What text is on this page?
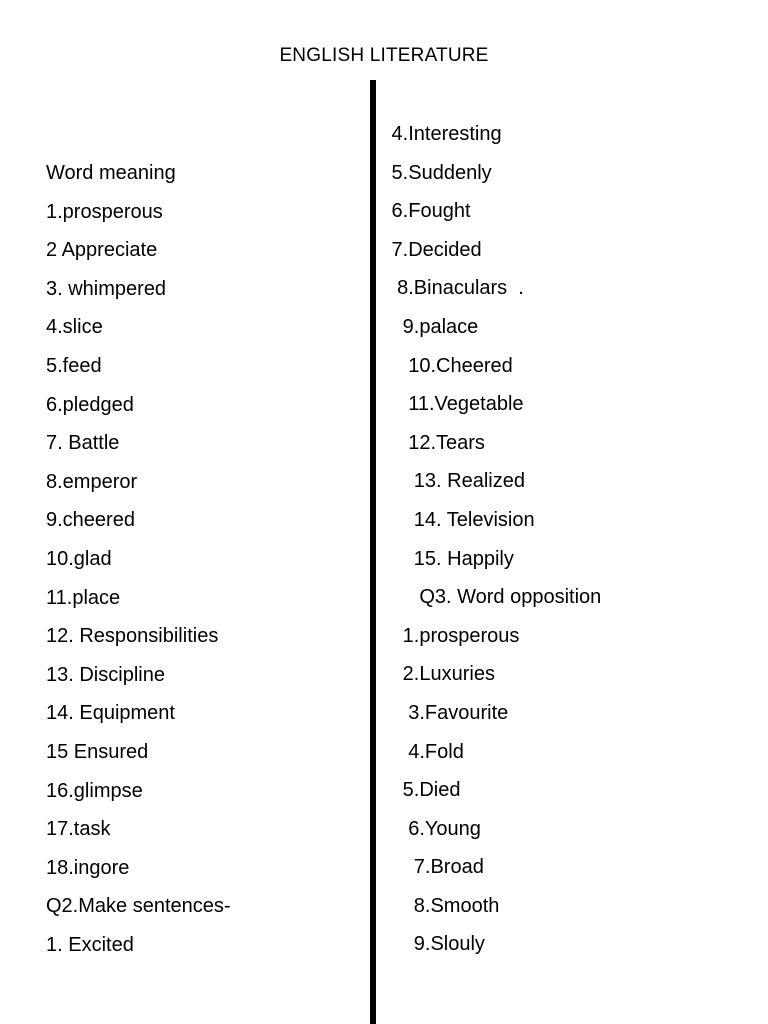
ENGLISH LITERATURE
Word meaning
1.prosperous
2 Appreciate
3. whimpered
4.slice
5.feed
6.pledged
7. Battle
8.emperor
9.cheered
10.glad
11.place
12. Responsibilities
13. Discipline
14. Equipment
15 Ensured
16.glimpse
17.task
18.ingore
Q2.Make sentences-
1. Excited
4.Interesting
5.Suddenly
6.Fought
7.Decided
8.Binaculars  .
9.palace
10.Cheered
11.Vegetable
12.Tears
13. Realized
14. Television
15. Happily
Q3. Word opposition
1.prosperous
2.Luxuries
3.Favourite
4.Fold
5.Died
6.Young
7.Broad
8.Smooth
9.Slouly
